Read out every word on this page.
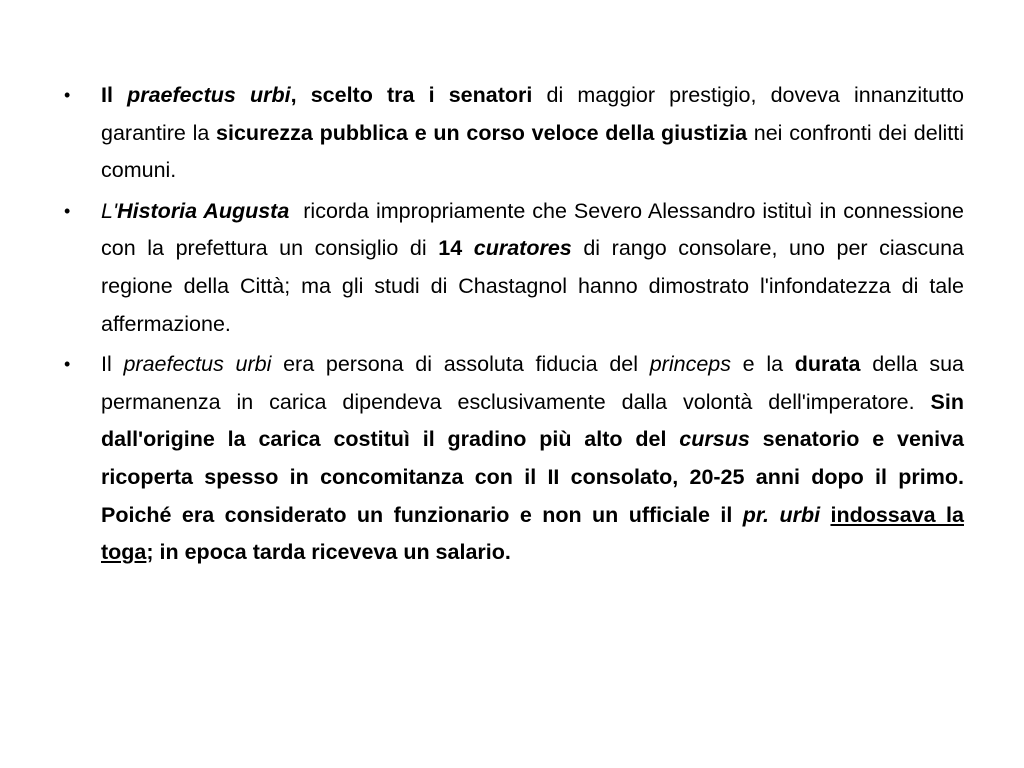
• Il praefectus urbi, scelto tra i senatori di maggior prestigio, doveva innanzitutto garantire la sicurezza pubblica e un corso veloce della giustizia nei confronti dei delitti comuni.
• L'Historia Augusta  ricorda impropriamente che Severo Alessandro istituì in connessione con la prefettura un consiglio di 14 curatores di rango consolare, uno per ciascuna regione della Città; ma gli studi di Chastagnol hanno dimostrato l'infondatezza di tale affermazione.
• Il praefectus urbi era persona di assoluta fiducia del princeps e la durata della sua permanenza in carica dipendeva esclusivamente dalla volontà dell'imperatore. Sin dall'origine la carica costituì il gradino più alto del cursus senatorio e veniva ricoperta spesso in concomitanza con il II consolato, 20-25 anni dopo il primo. Poiché era considerato un funzionario e non un ufficiale il pr. urbi indossava la toga; in epoca tarda riceveva un salario.
